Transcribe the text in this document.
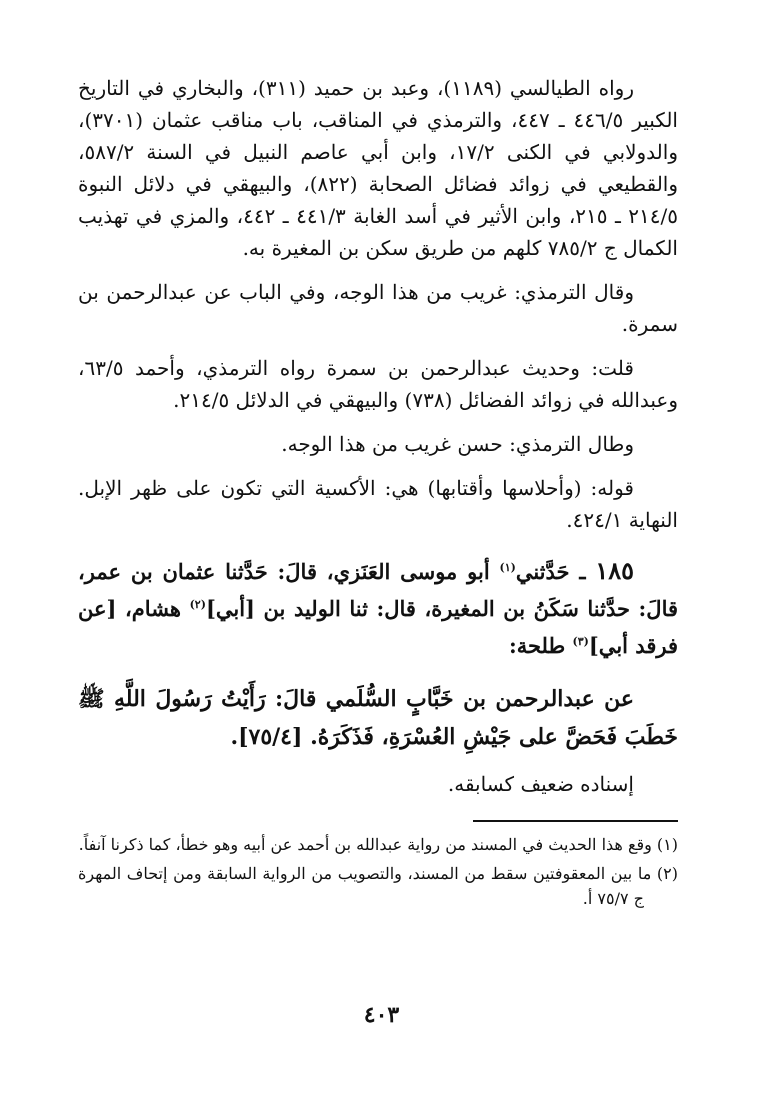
رواه الطيالسي (١١٨٩)، وعبد بن حميد (٣١١)، والبخاري في التاريخ الكبير ٤٤٦/٥ ـ ٤٤٧، والترمذي في المناقب، باب مناقب عثمان (٣٧٠١)، والدولابي في الكنى ١٧/٢، وابن أبي عاصم النبيل في السنة ٥٨٧/٢، والقطيعي في زوائد فضائل الصحابة (٨٢٢)، والبيهقي في دلائل النبوة ٢١٤/٥ ـ ٢١٥، وابن الأثير في أسد الغابة ٤٤١/٣ ـ ٤٤٢، والمزي في تهذيب الكمال ج ٧٨٥/٢ كلهم من طريق سكن بن المغيرة به.

وقال الترمذي: غريب من هذا الوجه، وفي الباب عن عبدالرحمن بن سمرة.

قلت: وحديث عبدالرحمن بن سمرة رواه الترمذي، وأحمد ٦٣/٥، وعبدالله في زوائد الفضائل (٧٣٨) والبيهقي في الدلائل ٢١٤/٥.

وطال الترمذي: حسن غريب من هذا الوجه.

قوله: (وأحلاسها وأقتابها) هي: الأكسية التي تكون على ظهر الإبل. النهاية ٤٢٤/١.

١٨٥ ـ حَدَّثني$^{(١)}$ أبو موسى العَنَزي، قالَ: حَدَّثنا عثمان بن عمر، قالَ: حدَّثنا سَكَنُ بن المغيرة، قال: ثنا الوليد بن [أبي]$^{(٢)}$ هشام، [عن فرقد أبي]$^{(٣)}$ طلحة:

عن عبدالرحمن بن خَبَّابٍ السُّلَمي قالَ: رَأَيْتُ رَسُولَ اللَّهِ ﷺ خَطَبَ فَحَضَّ على جَيْشِ العُسْرَةِ، فَذَكَرَهُ. [٧٥/٤].

إسناده ضعيف كسابقه.

(١) وقع هذا الحديث في المسند من رواية عبدالله بن أحمد عن أبيه وهو خطأ، كما ذكرنا آنفاً.

(٢) ما بين المعقوفتين سقط من المسند، والتصويب من الرواية السابقة ومن إتحاف المهرة ج ٧٥/٧ أ.

٤٠٣
